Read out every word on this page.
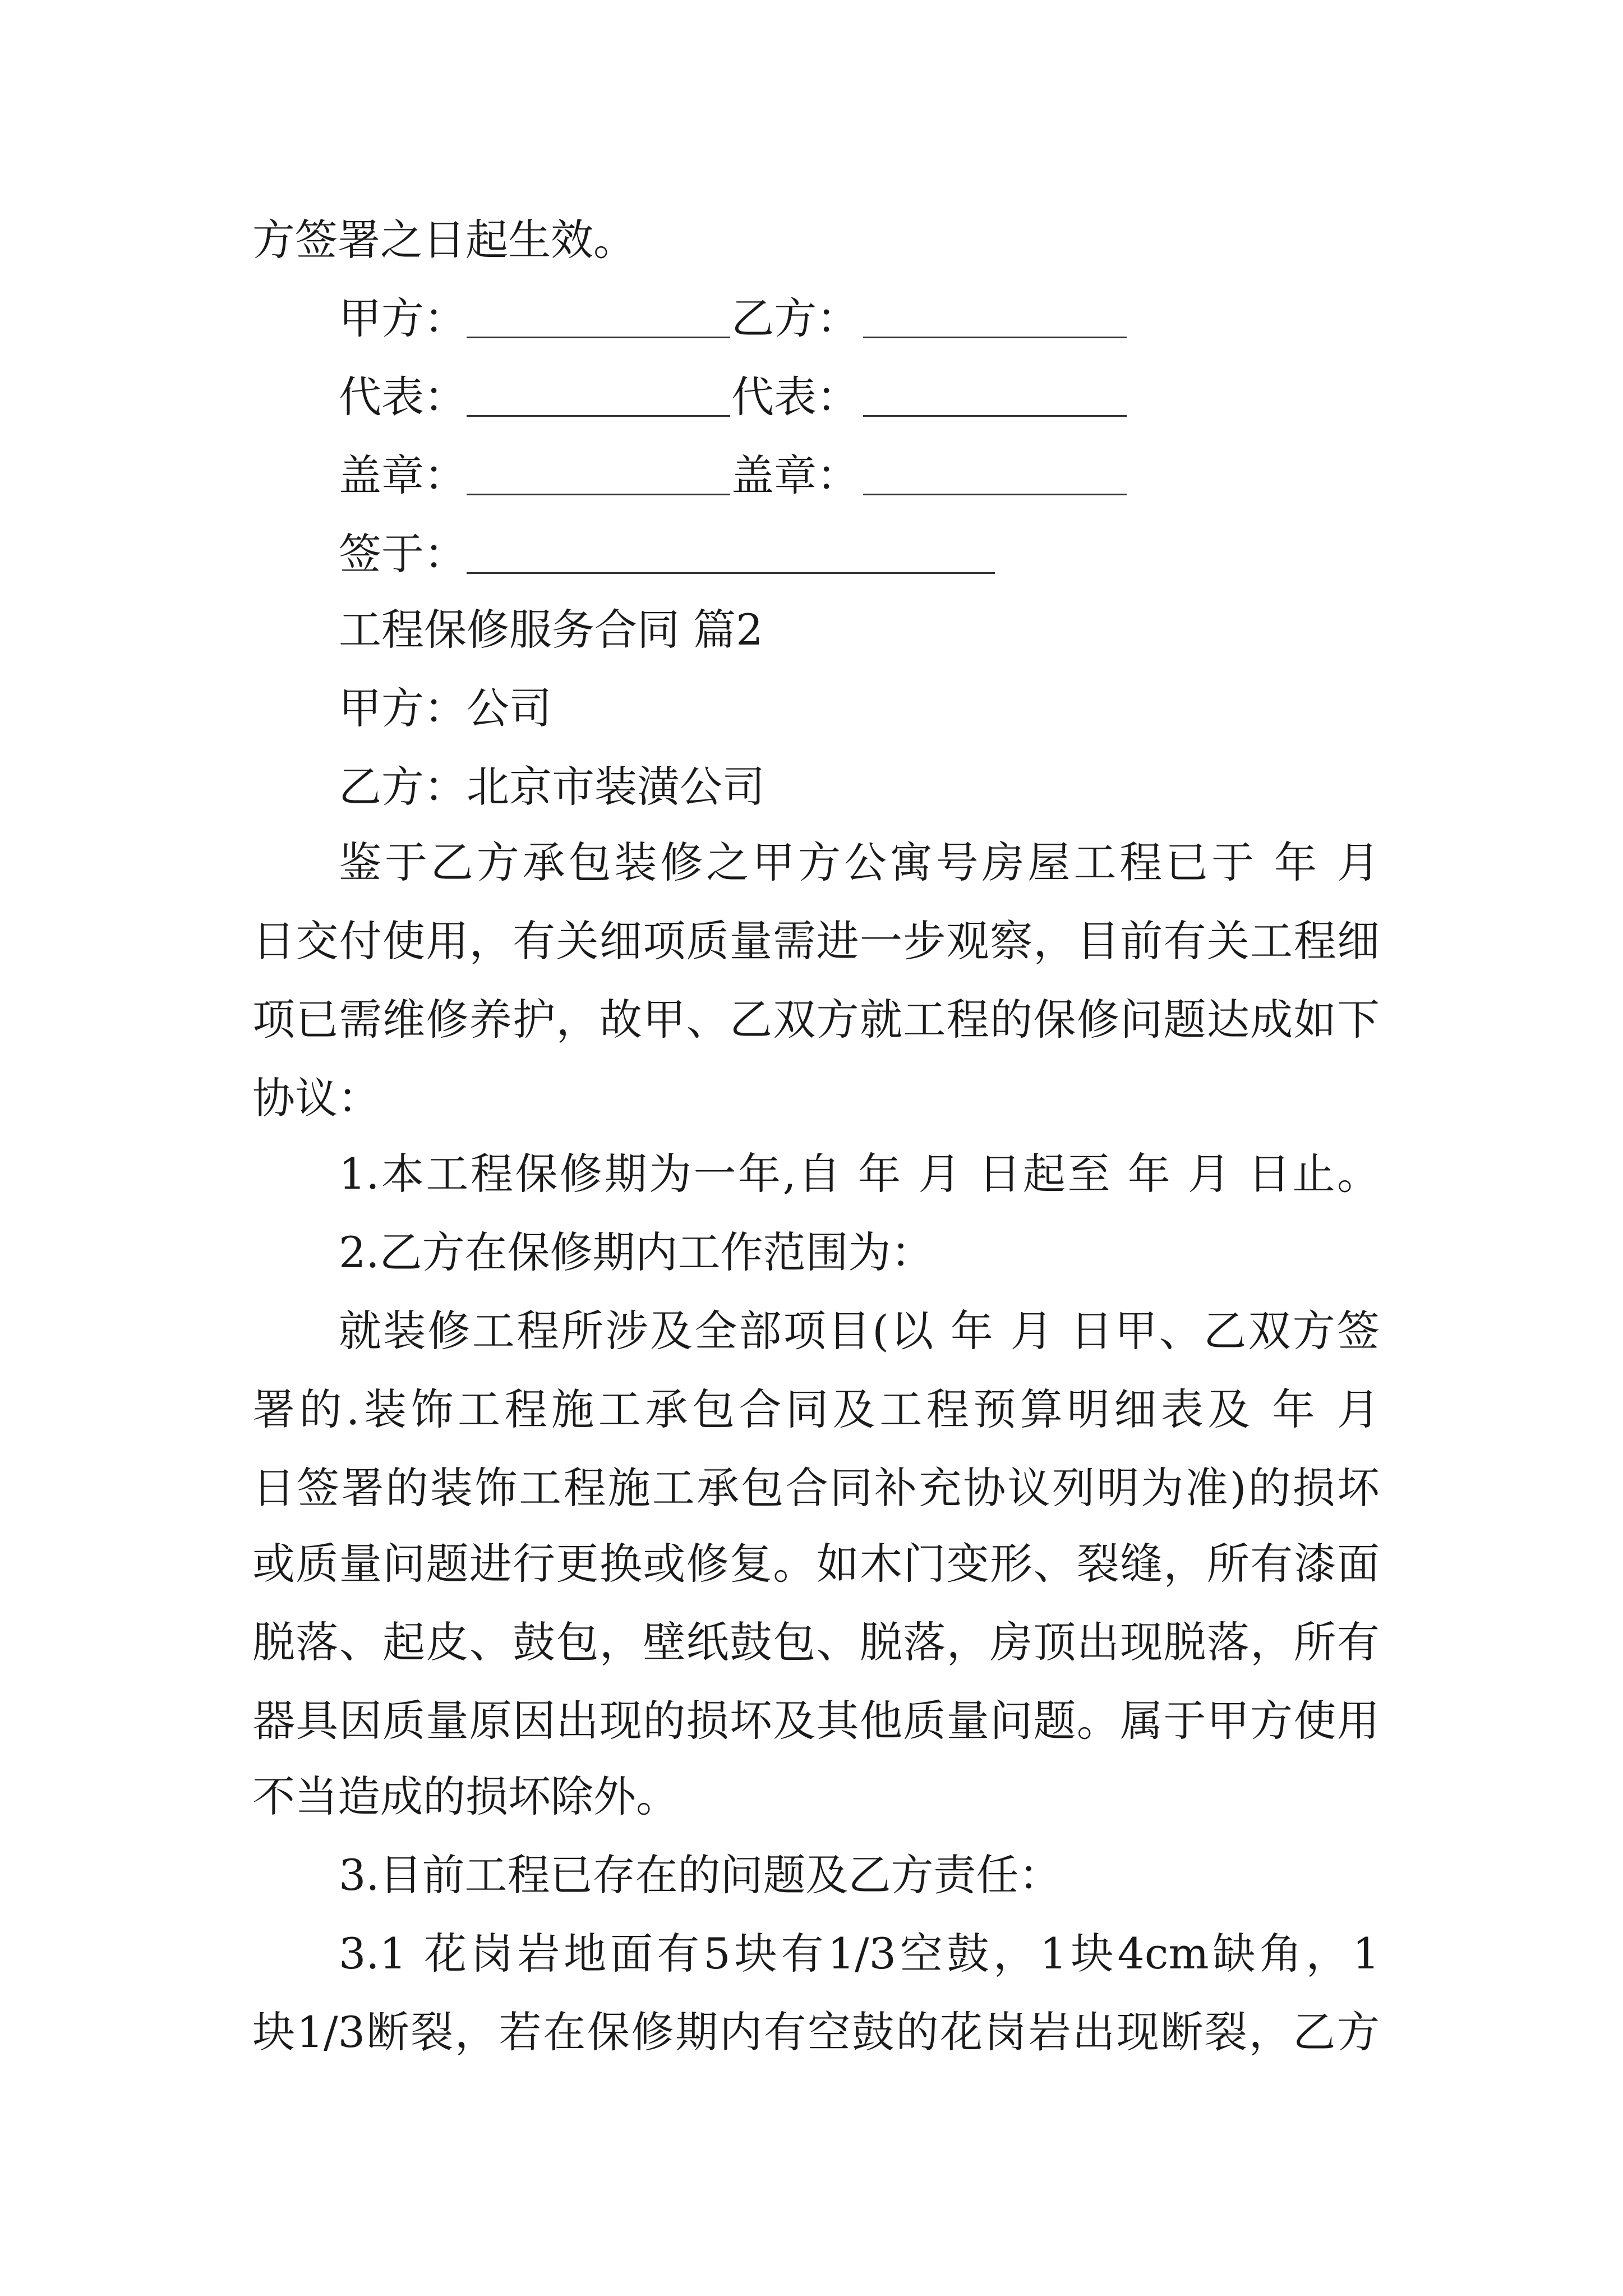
方签署之日起生效。
甲方：	乙方：
代表：	代表：
盖章：	盖章：
签于：
工程保修服务合同 篇2
甲方：公司
乙方：北京市装潢公司
鉴于乙方承包装修之甲方公寓号房屋工程已于 年 月
日交付使用，有关细项质量需进一步观察，目前有关工程细
项已需维修养护，故甲、乙双方就工程的保修问题达成如下
协议：
1.本工程保修期为一年,自 年 月 日起至 年 月 日止。
2.乙方在保修期内工作范围为：
就装修工程所涉及全部项目(以 年 月 日甲、乙双方签
署的.装饰工程施工承包合同及工程预算明细表及 年 月
日签署的装饰工程施工承包合同补充协议列明为准)的损坏
或质量问题进行更换或修复。如木门变形、裂缝，所有漆面
脱落、起皮、鼓包，壁纸鼓包、脱落，房顶出现脱落，所有
器具因质量原因出现的损坏及其他质量问题。属于甲方使用
不当造成的损坏除外。
3.目前工程已存在的问题及乙方责任：
3.1 花岗岩地面有5块有1/3空鼓，1块4cm缺角，1
块1/3断裂，若在保修期内有空鼓的花岗岩出现断裂，乙方
